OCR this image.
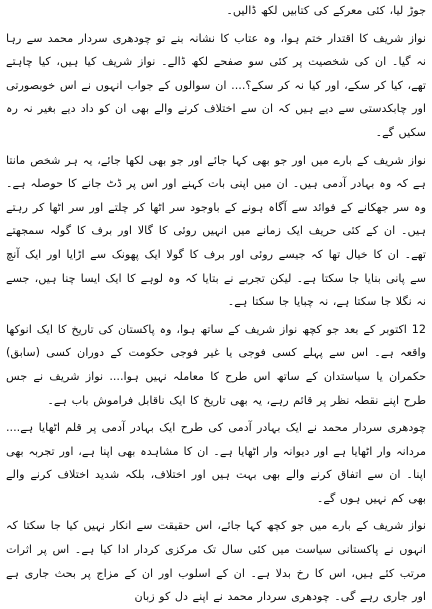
جوڑ لیا، کئی معرکے کی کتابیں لکھ ڈالیں۔

نواز شریف کا اقتدار ختم ہوا، وہ عتاب کا نشانہ بنے تو چودھری سردار محمد سے رہا نہ گیا۔ ان کی شخصیت پر کئی سو صفحے لکھ ڈالے۔ نواز شریف کیا ہیں، کیا چاہتے تھے، کیا کر سکے، اور کیا نہ کر سکے؟.... ان سوالوں کے جواب انہوں نے اس خوبصورتی اور چابکدستی سے دیے ہیں کہ ان سے اختلاف کرنے والے بھی ان کو داد دیے بغیر نہ رہ سکیں گے۔

نواز شریف کے بارے میں اور جو بھی کہا جائے اور جو بھی لکھا جائے، یہ ہر شخص مانتا ہے کہ وہ بہادر آدمی ہیں۔ ان میں اپنی بات کہنے اور اس پر ڈٹ جانے کا حوصلہ ہے۔ وہ سر جھکانے کے فوائد سے آگاہ ہونے کے باوجود سر اٹھا کر چلتے اور سر اٹھا کر رہتے ہیں۔ ان کے کئی حریف ایک زمانے میں انہیں روئی کا گالا اور برف کا گولہ سمجھتے تھے۔ ان کا خیال تھا کہ جیسے روئی اور برف کا گولا ایک پھونک سے اڑایا اور ایک آنچ سے پانی بنایا جا سکتا ہے۔ لیکن تجربے نے بتایا کہ وہ لوہے کا ایک ایسا چنا ہیں، جسے نہ نگلا جا سکتا ہے، نہ چبایا جا سکتا ہے۔

12 اکتوبر کے بعد جو کچھ نواز شریف کے ساتھ ہوا، وہ پاکستان کی تاریخ کا ایک انوکھا واقعہ ہے۔ اس سے پہلے کسی فوجی یا غیر فوجی حکومت کے دوران کسی (سابق) حکمران یا سیاستدان کے ساتھ اس طرح کا معاملہ نہیں ہوا.... نواز شریف نے جس طرح اپنے نقطہ نظر پر قائم رہے، یہ بھی تاریخ کا ایک ناقابل فراموش باب ہے۔

چودھری سردار محمد نے ایک بہادر آدمی کی طرح ایک بہادر آدمی پر قلم اٹھایا ہے.... مردانہ وار اٹھایا ہے اور دیوانہ وار اٹھایا ہے۔ ان کا مشاہدہ بھی اپنا ہے، اور تجربہ بھی اپنا۔ ان سے اتفاق کرنے والے بھی بہت ہیں اور اختلاف، بلکہ شدید اختلاف کرنے والے بھی کم نہیں ہوں گے۔

نواز شریف کے بارے میں جو کچھ کہا جائے، اس حقیقت سے انکار نہیں کیا جا سکتا کہ انہوں نے پاکستانی سیاست میں کئی سال تک مرکزی کردار ادا کیا ہے۔ اس پر اثرات مرتب کئے ہیں، اس کا رخ بدلا ہے۔ ان کے اسلوب اور ان کے مزاج پر بحث جاری ہے اور جاری رہے گی۔ چودھری سردار محمد نے اپنے دل کو زبان
